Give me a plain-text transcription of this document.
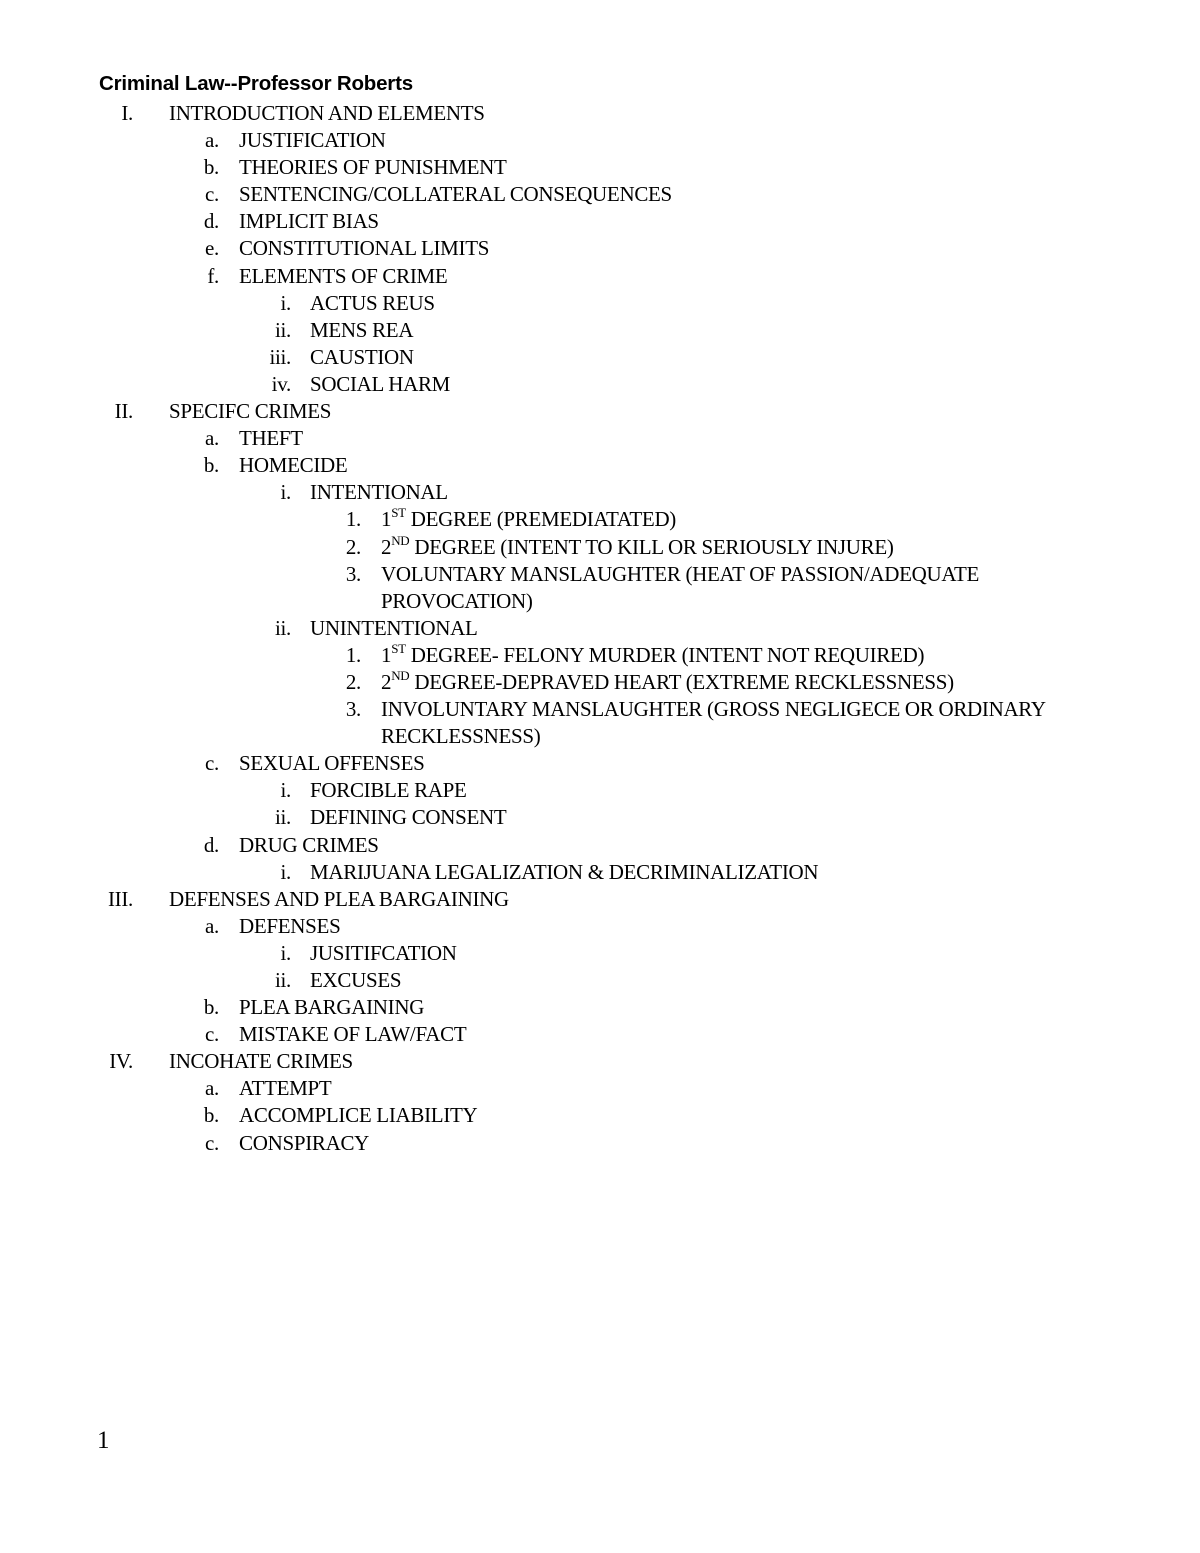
Criminal Law--Professor Roberts
I. INTRODUCTION AND ELEMENTS
a. JUSTIFICATION
b. THEORIES OF PUNISHMENT
c. SENTENCING/COLLATERAL CONSEQUENCES
d. IMPLICIT BIAS
e. CONSTITUTIONAL LIMITS
f. ELEMENTS OF CRIME
i. ACTUS REUS
ii. MENS REA
iii. CAUSTION
iv. SOCIAL HARM
II. SPECIFC CRIMES
a. THEFT
b. HOMECIDE
i. INTENTIONAL
1. 1ST DEGREE (PREMEDIATATED)
2. 2ND DEGREE (INTENT TO KILL OR SERIOUSLY INJURE)
3. VOLUNTARY MANSLAUGHTER (HEAT OF PASSION/ADEQUATE PROVOCATION)
ii. UNINTENTIONAL
1. 1ST DEGREE- FELONY MURDER (INTENT NOT REQUIRED)
2. 2ND DEGREE-DEPRAVED HEART (EXTREME RECKLESSNESS)
3. INVOLUNTARY MANSLAUGHTER (GROSS NEGLIGECE OR ORDINARY RECKLESSNESS)
c. SEXUAL OFFENSES
i. FORCIBLE RAPE
ii. DEFINING CONSENT
d. DRUG CRIMES
i. MARIJUANA LEGALIZATION & DECRIMINALIZATION
III. DEFENSES AND PLEA BARGAINING
a. DEFENSES
i. JUSITIFCATION
ii. EXCUSES
b. PLEA BARGAINING
c. MISTAKE OF LAW/FACT
IV. INCOHATE CRIMES
a. ATTEMPT
b. ACCOMPLICE LIABILITY
c. CONSPIRACY
1
